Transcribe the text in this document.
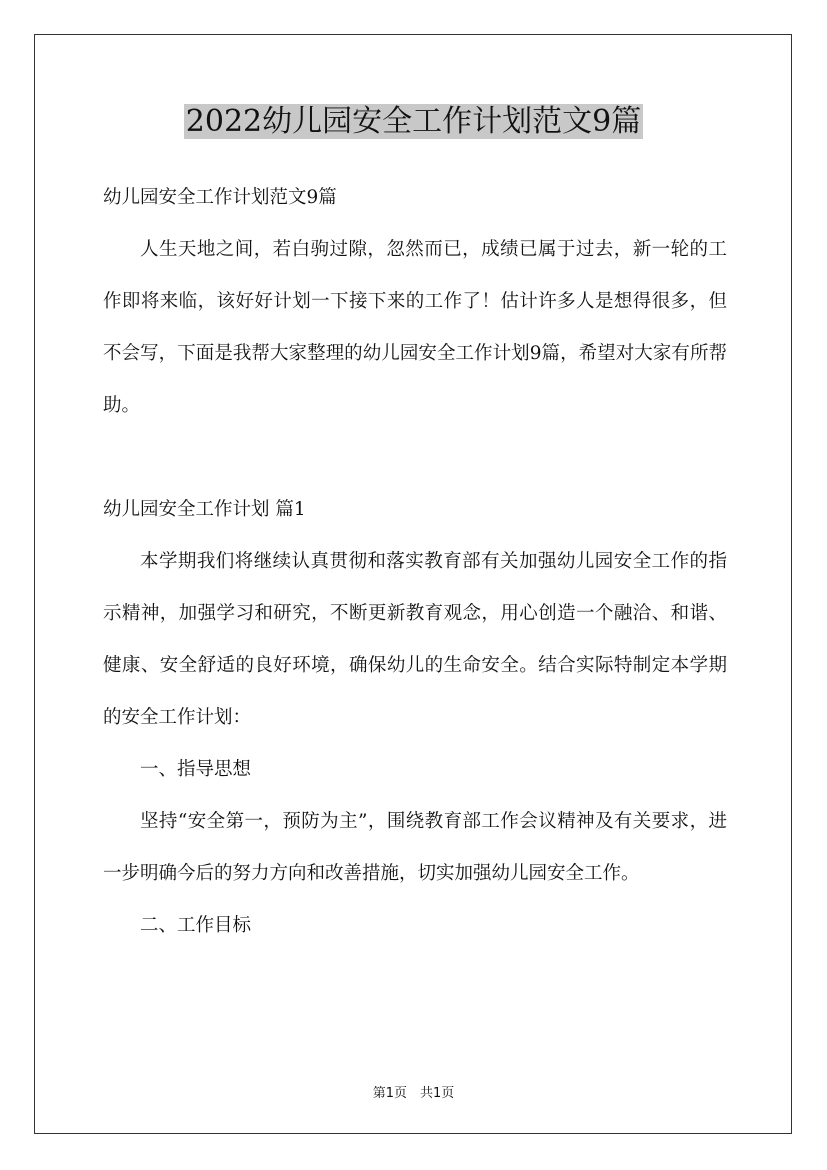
2022幼儿园安全工作计划范文9篇

幼儿园安全工作计划范文9篇

人生天地之间，若白驹过隙，忽然而已，成绩已属于过去，新一轮的工作即将来临，该好好计划一下接下来的工作了！估计许多人是想得很多，但不会写，下面是我帮大家整理的幼儿园安全工作计划9篇，希望对大家有所帮助。

幼儿园安全工作计划 篇1

本学期我们将继续认真贯彻和落实教育部有关加强幼儿园安全工作的指示精神，加强学习和研究，不断更新教育观念，用心创造一个融洽、和谐、健康、安全舒适的良好环境，确保幼儿的生命安全。结合实际特制定本学期的安全工作计划：

一、指导思想

坚持“安全第一，预防为主”，围绕教育部工作会议精神及有关要求，进一步明确今后的努力方向和改善措施，切实加强幼儿园安全工作。

二、工作目标

第1页　共1页
